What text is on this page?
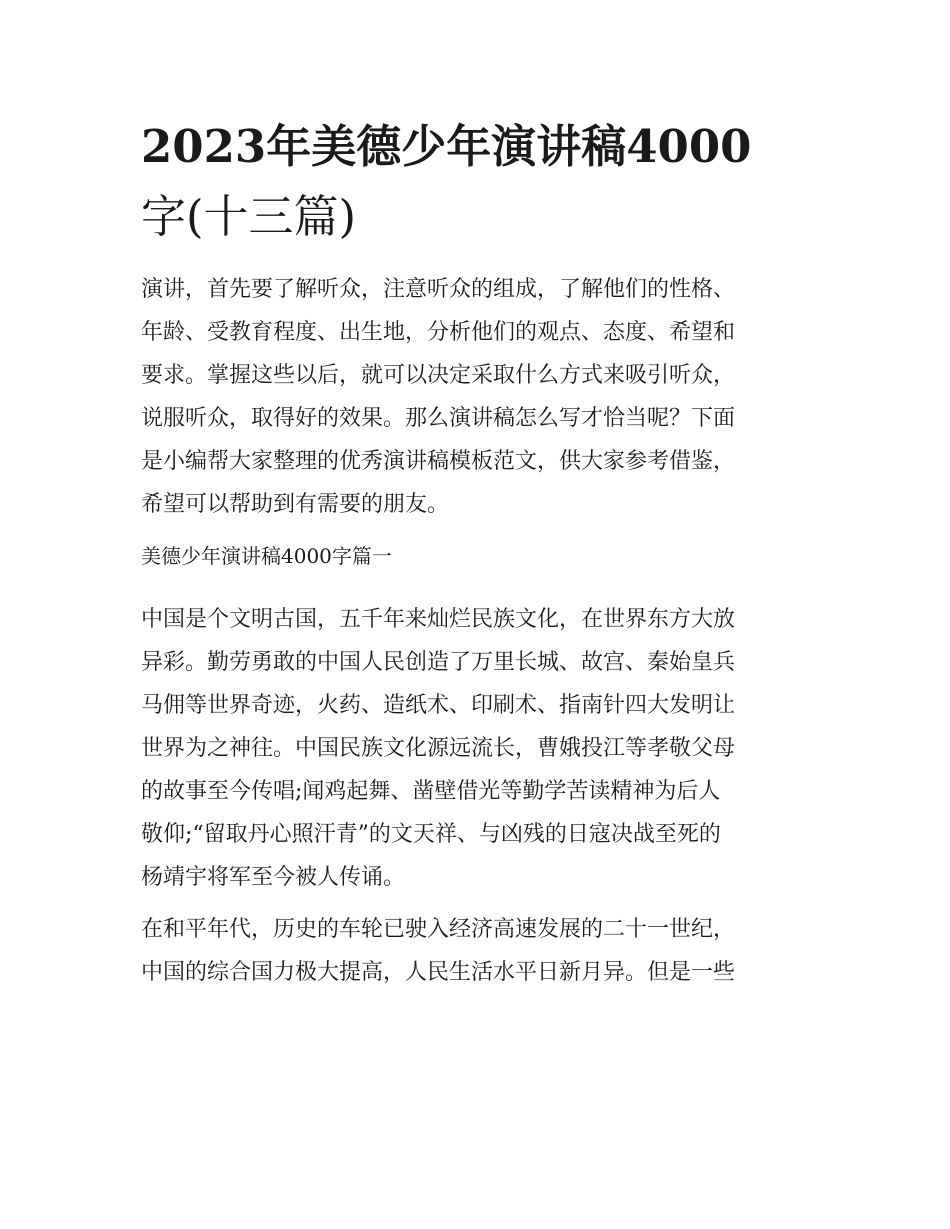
2023年美德少年演讲稿4000
字(十三篇)

演讲，首先要了解听众，注意听众的组成，了解他们的性格、
年龄、受教育程度、出生地，分析他们的观点、态度、希望和
要求。掌握这些以后，就可以决定采取什么方式来吸引听众，
说服听众，取得好的效果。那么演讲稿怎么写才恰当呢？下面
是小编帮大家整理的优秀演讲稿模板范文，供大家参考借鉴，
希望可以帮助到有需要的朋友。

美德少年演讲稿4000字篇一

中国是个文明古国，五千年来灿烂民族文化，在世界东方大放
异彩。勤劳勇敢的中国人民创造了万里长城、故宫、秦始皇兵
马佣等世界奇迹，火药、造纸术、印刷术、指南针四大发明让
世界为之神往。中国民族文化源远流长，曹娥投江等孝敬父母
的故事至今传唱;闻鸡起舞、凿壁借光等勤学苦读精神为后人
敬仰;“留取丹心照汗青”的文天祥、与凶残的日寇决战至死的
杨靖宇将军至今被人传诵。

在和平年代，历史的车轮已驶入经济高速发展的二十一世纪，
中国的综合国力极大提高，人民生活水平日新月异。但是一些
